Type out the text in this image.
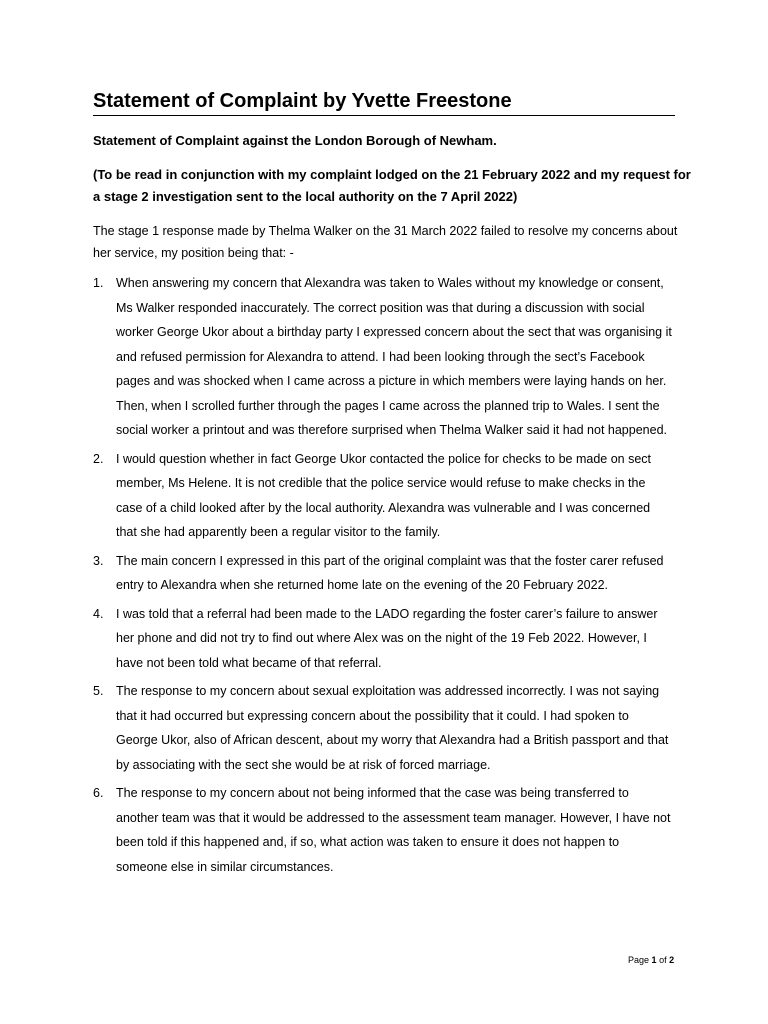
Statement of Complaint by Yvette Freestone

Statement of Complaint against the London Borough of Newham.

(To be read in conjunction with my complaint lodged on the 21 February 2022 and my request for
a stage 2 investigation sent to the local authority on the 7 April 2022)

The stage 1 response made by Thelma Walker on the 31 March 2022 failed to resolve my concerns about
her service, my position being that: -

1. When answering my concern that Alexandra was taken to Wales without my knowledge or consent,
Ms Walker responded inaccurately. The correct position was that during a discussion with social
worker George Ukor about a birthday party I expressed concern about the sect that was organising it
and refused permission for Alexandra to attend. I had been looking through the sect’s Facebook
pages and was shocked when I came across a picture in which members were laying hands on her.
Then, when I scrolled further through the pages I came across the planned trip to Wales. I sent the
social worker a printout and was therefore surprised when Thelma Walker said it had not happened.
2. I would question whether in fact George Ukor contacted the police for checks to be made on sect
member, Ms Helene. It is not credible that the police service would refuse to make checks in the
case of a child looked after by the local authority. Alexandra was vulnerable and I was concerned
that she had apparently been a regular visitor to the family.
3. The main concern I expressed in this part of the original complaint was that the foster carer refused
entry to Alexandra when she returned home late on the evening of the 20 February 2022.
4. I was told that a referral had been made to the LADO regarding the foster carer’s failure to answer
her phone and did not try to find out where Alex was on the night of the 19 Feb 2022. However, I
have not been told what became of that referral.
5. The response to my concern about sexual exploitation was addressed incorrectly. I was not saying
that it had occurred but expressing concern about the possibility that it could. I had spoken to
George Ukor, also of African descent, about my worry that Alexandra had a British passport and that
by associating with the sect she would be at risk of forced marriage.
6. The response to my concern about not being informed that the case was being transferred to
another team was that it would be addressed to the assessment team manager. However, I have not
been told if this happened and, if so, what action was taken to ensure it does not happen to
someone else in similar circumstances.
Page 1 of 2
